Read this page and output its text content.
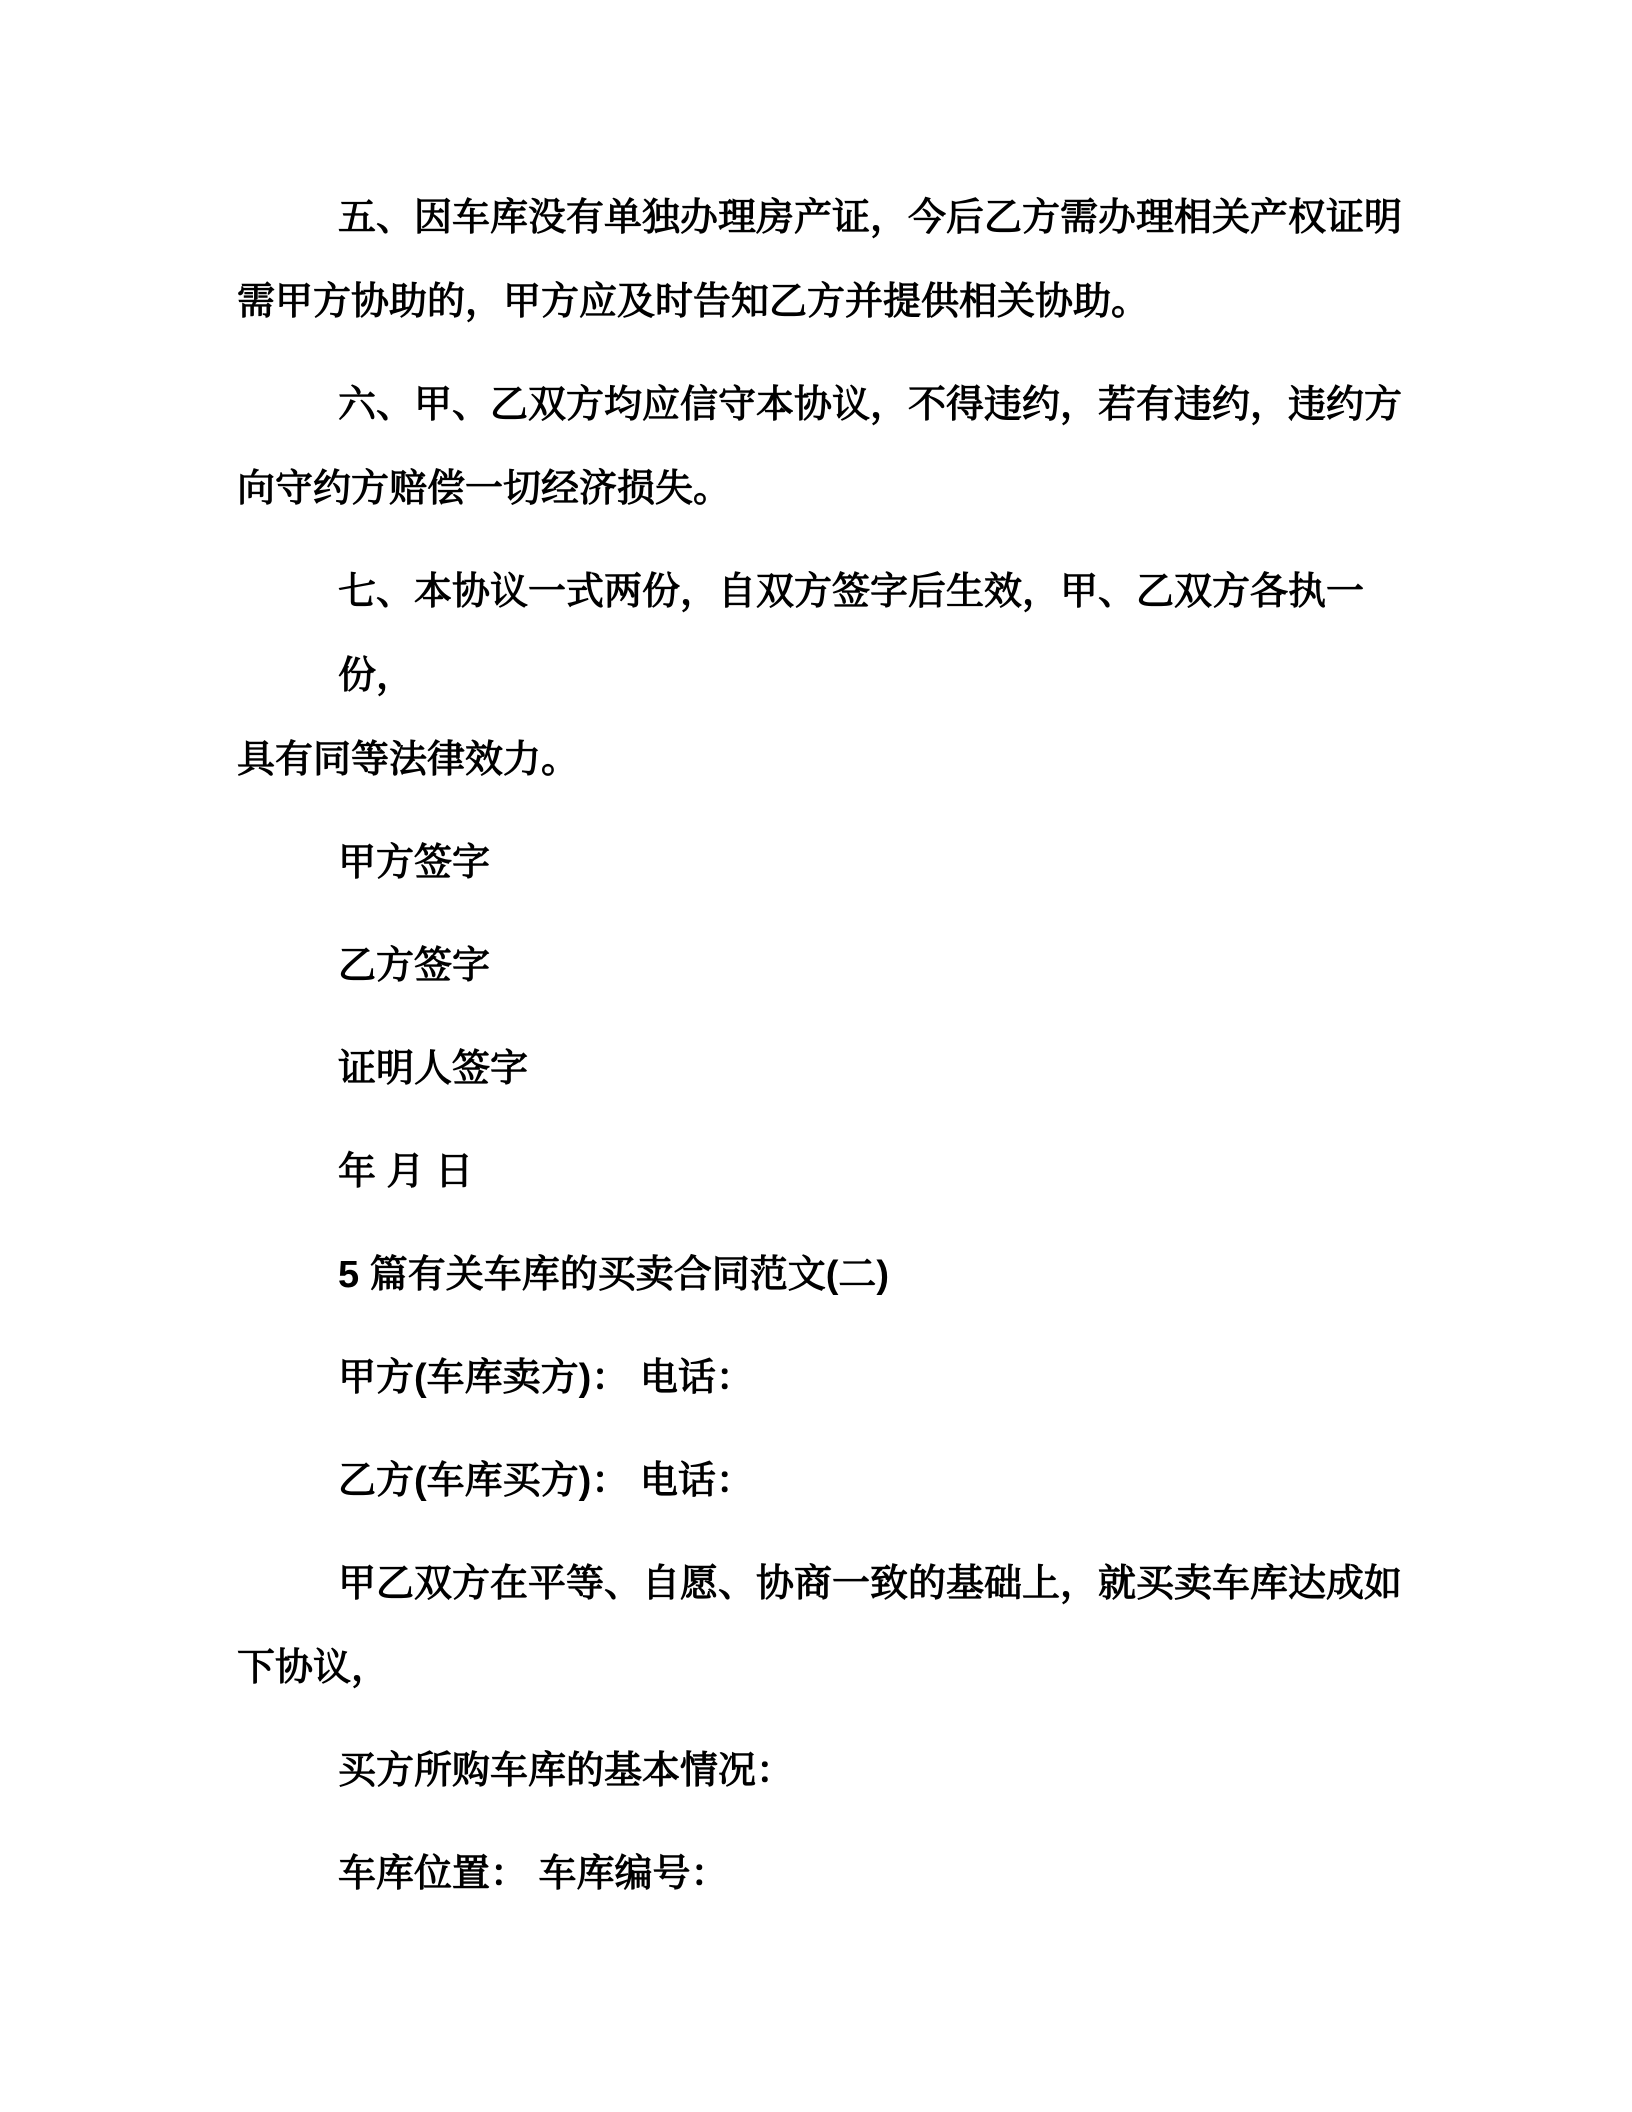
五、因车库没有单独办理房产证，今后乙方需办理相关产权证明
需甲方协助的，甲方应及时告知乙方并提供相关协助。
六、甲、乙双方均应信守本协议，不得违约，若有违约，违约方
向守约方赔偿一切经济损失。
七、本协议一式两份，自双方签字后生效，甲、乙双方各执一份，
具有同等法律效力。
甲方签字
乙方签字
证明人签字
年 月 日
5 篇有关车库的买卖合同范文(二)
甲方(车库卖方)： 电话：
乙方(车库买方)： 电话：
甲乙双方在平等、自愿、协商一致的基础上，就买卖车库达成如
下协议，
买方所购车库的基本情况：
车库位置： 车库编号：
